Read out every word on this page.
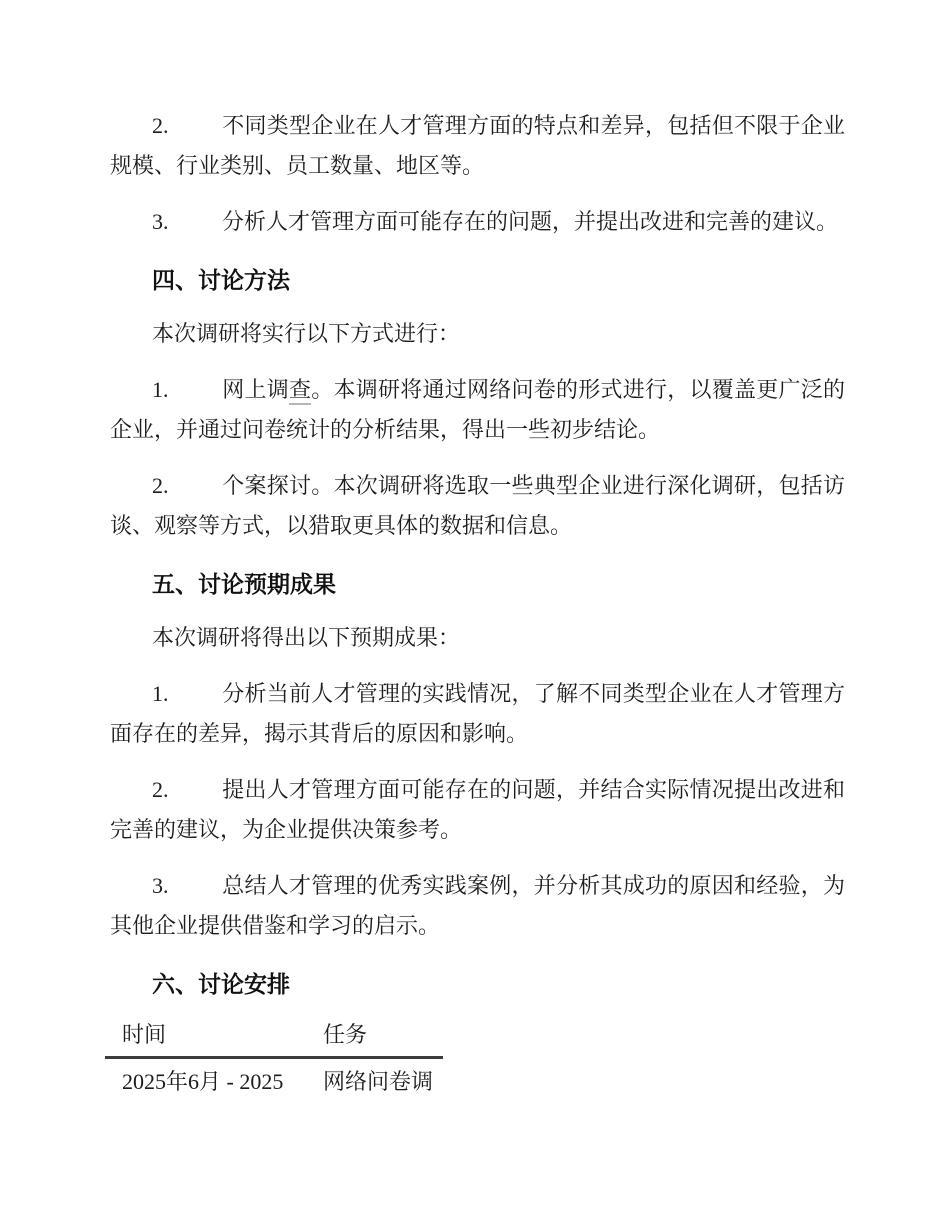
2. 不同类型企业在人才管理方面的特点和差异，包括但不限于企业规模、行业类别、员工数量、地区等。

3. 分析人才管理方面可能存在的问题，并提出改进和完善的建议。

四、讨论方法

本次调研将实行以下方式进行：

1. 网上调查。本调研将通过网络问卷的形式进行，以覆盖更广泛的企业，并通过问卷统计的分析结果，得出一些初步结论。

2. 个案探讨。本次调研将选取一些典型企业进行深化调研，包括访谈、观察等方式，以猎取更具体的数据和信息。

五、讨论预期成果

本次调研将得出以下预期成果：

1. 分析当前人才管理的实践情况，了解不同类型企业在人才管理方面存在的差异，揭示其背后的原因和影响。

2. 提出人才管理方面可能存在的问题，并结合实际情况提出改进和完善的建议，为企业提供决策参考。

3. 总结人才管理的优秀实践案例，并分析其成功的原因和经验，为其他企业提供借鉴和学习的启示。

六、讨论安排
时间	任务
2025年6月 - 2025	网络问卷调
